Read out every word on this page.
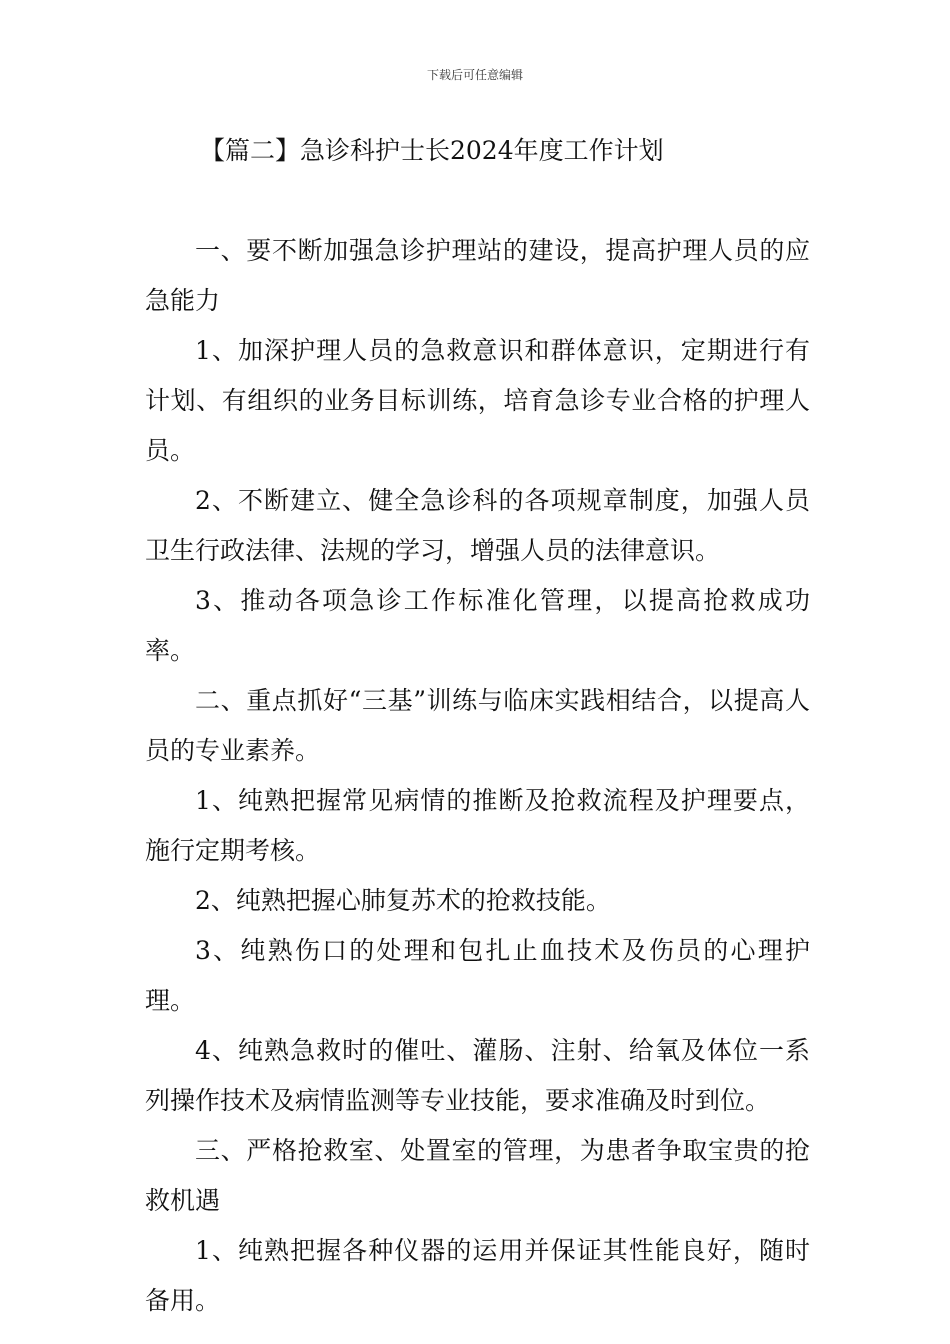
下载后可任意编辑
【篇二】急诊科护士长2024年度工作计划

一、要不断加强急诊护理站的建设，提高护理人员的应急能力

1、加深护理人员的急救意识和群体意识，定期进行有计划、有组织的业务目标训练，培育急诊专业合格的护理人员。

2、不断建立、健全急诊科的各项规章制度，加强人员卫生行政法律、法规的学习，增强人员的法律意识。

3、推动各项急诊工作标准化管理，以提高抢救成功率。

二、重点抓好“三基”训练与临床实践相结合，以提高人员的专业素养。

1、纯熟把握常见病情的推断及抢救流程及护理要点，施行定期考核。

2、纯熟把握心肺复苏术的抢救技能。

3、纯熟伤口的处理和包扎止血技术及伤员的心理护理。

4、纯熟急救时的催吐、灌肠、注射、给氧及体位一系列操作技术及病情监测等专业技能，要求准确及时到位。

三、严格抢救室、处置室的管理，为患者争取宝贵的抢救机遇

1、纯熟把握各种仪器的运用并保证其性能良好，随时备用。
